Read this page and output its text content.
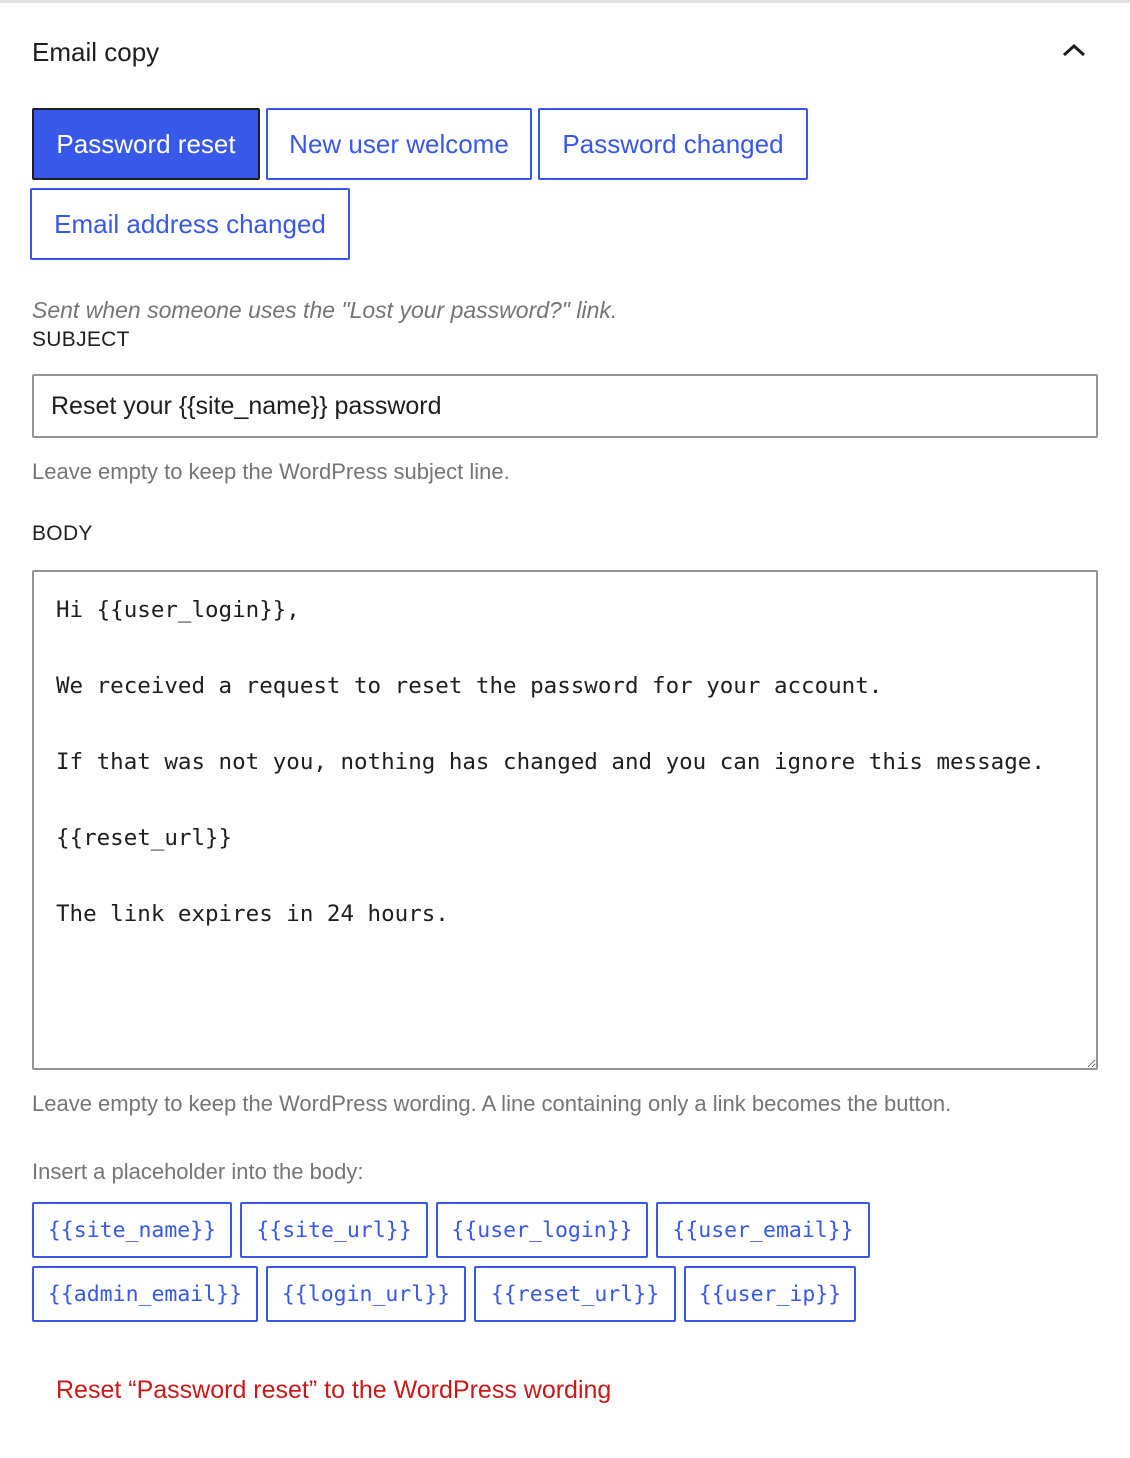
Email copy
Password reset	New user welcome	Password changed
Email address changed

Sent when someone uses the "Lost your password?" link.

SUBJECT
Reset your {{site_name}} password

Leave empty to keep the WordPress subject line.

BODY
Hi {{user_login}}, We received a request to reset the password for your account. If that was not you, nothing has changed and you can ignore this message. {{reset_url}} The link expires in 24 hours.

Leave empty to keep the WordPress wording. A line containing only a link becomes the button.

Insert a placeholder into the body:

{{site_name}}	{{site_url}}	{{user_login}}	{{user_email}}
{{admin_email}}	{{login_url}}	{{reset_url}}	{{user_ip}}
Reset “Password reset” to the WordPress wording
